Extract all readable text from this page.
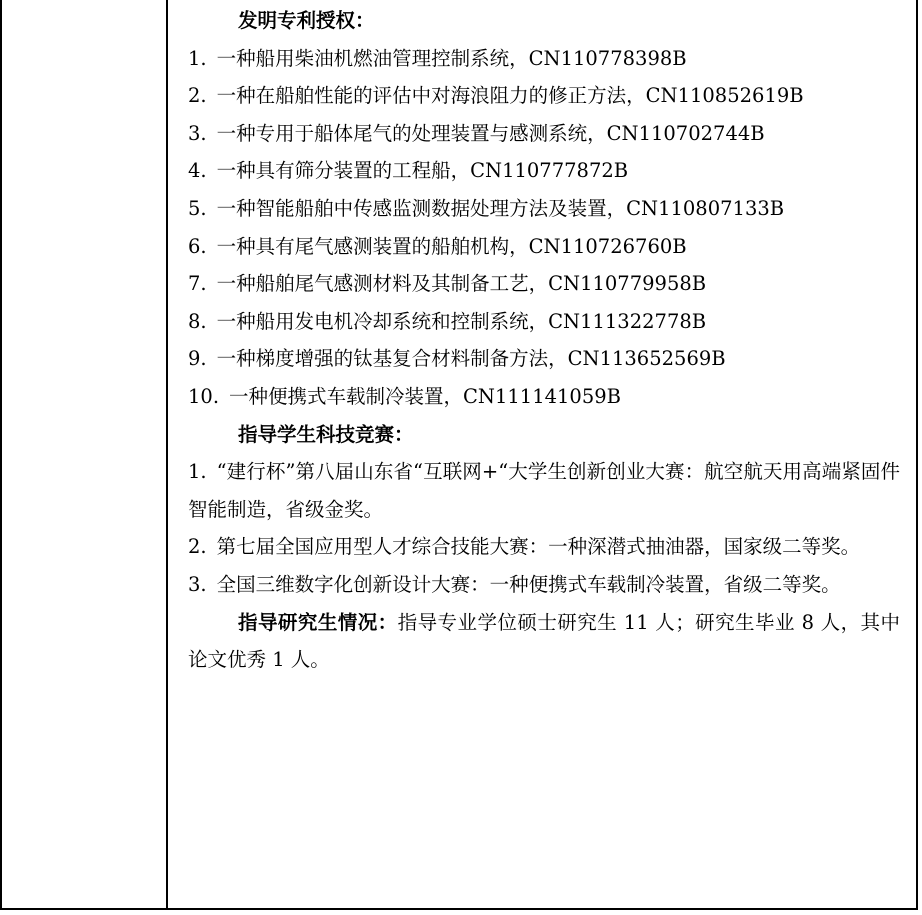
发明专利授权：

1. 一种船用柴油机燃油管理控制系统，CN110778398B

2. 一种在船舶性能的评估中对海浪阻力的修正方法，CN110852619B

3. 一种专用于船体尾气的处理装置与感测系统，CN110702744B

4. 一种具有筛分装置的工程船，CN110777872B

5. 一种智能船舶中传感监测数据处理方法及装置，CN110807133B

6. 一种具有尾气感测装置的船舶机构，CN110726760B

7. 一种船舶尾气感测材料及其制备工艺，CN110779958B

8. 一种船用发电机冷却系统和控制系统，CN111322778B

9. 一种梯度增强的钛基复合材料制备方法，CN113652569B

10. 一种便携式车载制冷装置，CN111141059B

指导学生科技竞赛：

1. “建行杯”第八届山东省“互联网+“大学生创新创业大赛：航空航天用高端紧固件智能制造，省级金奖。

2. 第七届全国应用型人才综合技能大赛：一种深潜式抽油器，国家级二等奖。

3. 全国三维数字化创新设计大赛：一种便携式车载制冷装置，省级二等奖。

指导研究生情况：指导专业学位硕士研究生 11 人；研究生毕业 8 人，其中论文优秀 1 人。
